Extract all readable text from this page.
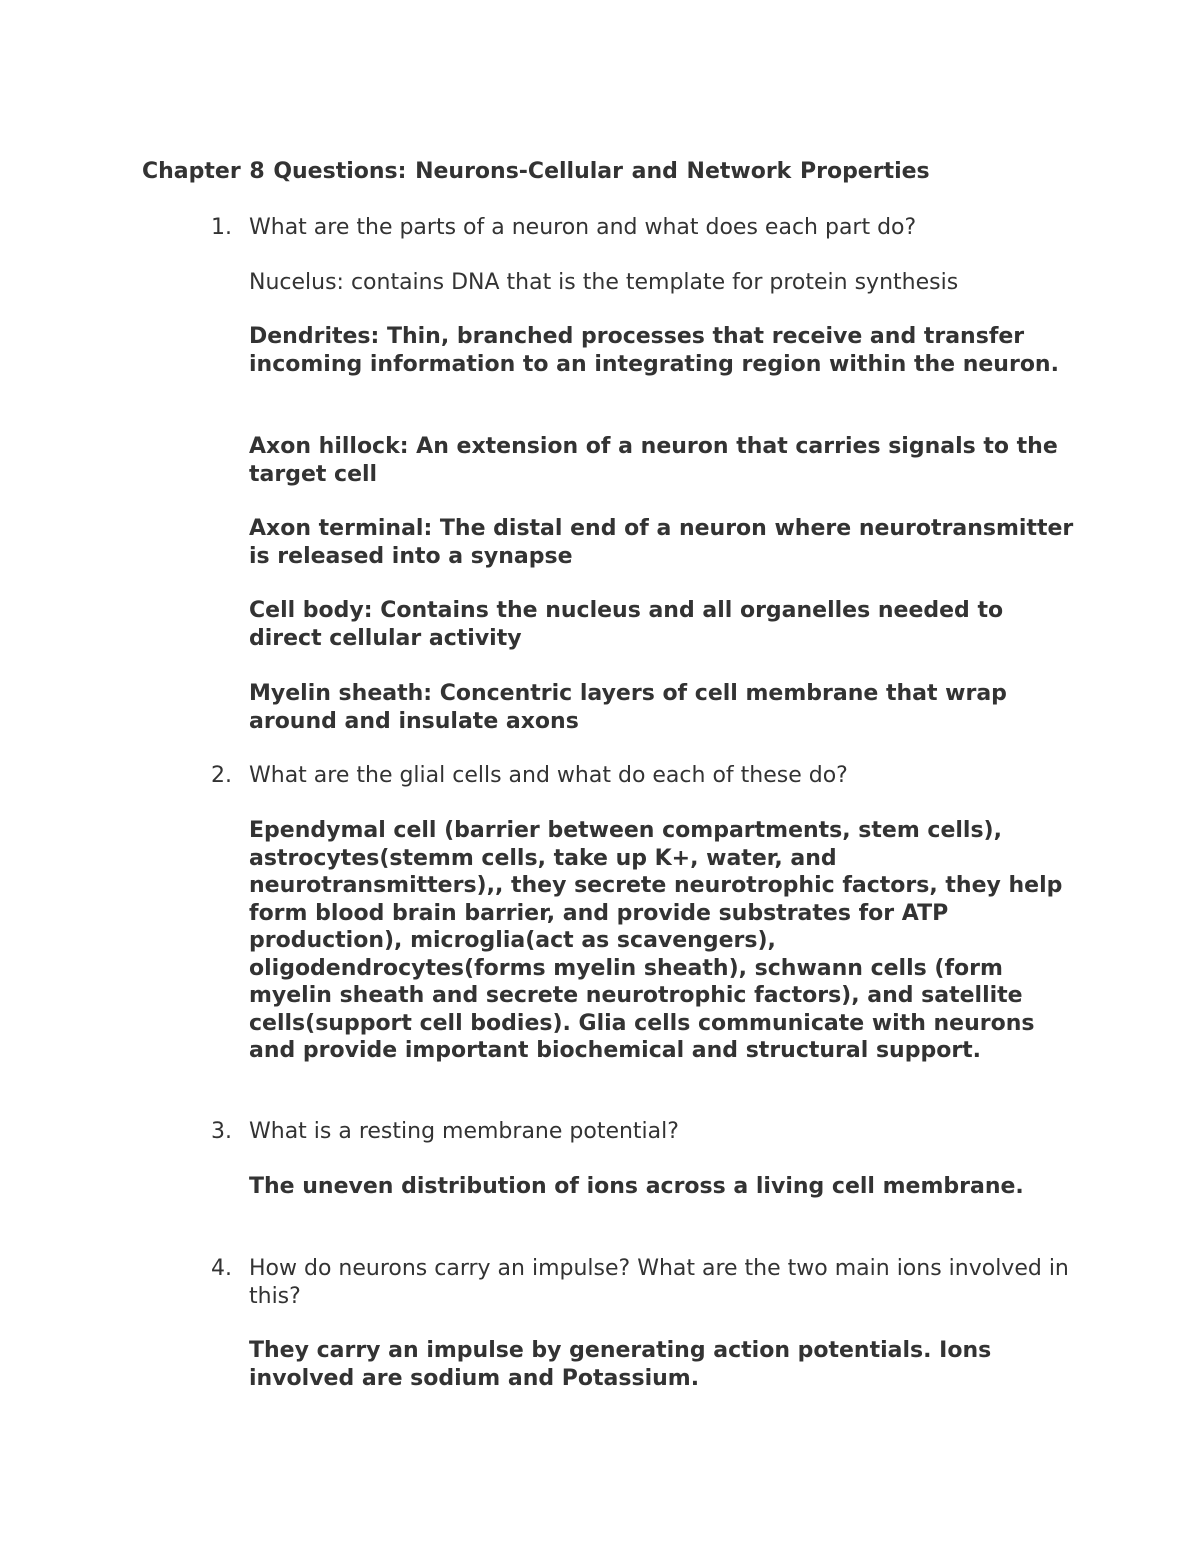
Chapter 8 Questions: Neurons-Cellular and Network Properties
1. What are the parts of a neuron and what does each part do?
Nucelus: contains DNA that is the template for protein synthesis
Dendrites: Thin, branched processes that receive and transfer incoming information to an integrating region within the neuron.
Axon hillock: An extension of a neuron that carries signals to the target cell
Axon terminal: The distal end of a neuron where neurotransmitter is released into a synapse
Cell body: Contains the nucleus and all organelles needed to direct cellular activity
Myelin sheath: Concentric layers of cell membrane that wrap around and insulate axons
2. What are the glial cells and what do each of these do?
Ependymal cell (barrier between compartments, stem cells), astrocytes(stemm cells, take up K+, water, and neurotransmitters),, they secrete neurotrophic factors, they help form blood brain barrier, and provide substrates for ATP production), microglia(act as scavengers), oligodendrocytes(forms myelin sheath), schwann cells (form myelin sheath and secrete neurotrophic factors), and satellite cells(support cell bodies). Glia cells communicate with neurons and provide important biochemical and structural support.
3. What is a resting membrane potential?
The uneven distribution of ions across a living cell membrane.
4. How do neurons carry an impulse? What are the two main ions involved in this?
They carry an impulse by generating action potentials. Ions involved are sodium and Potassium.
